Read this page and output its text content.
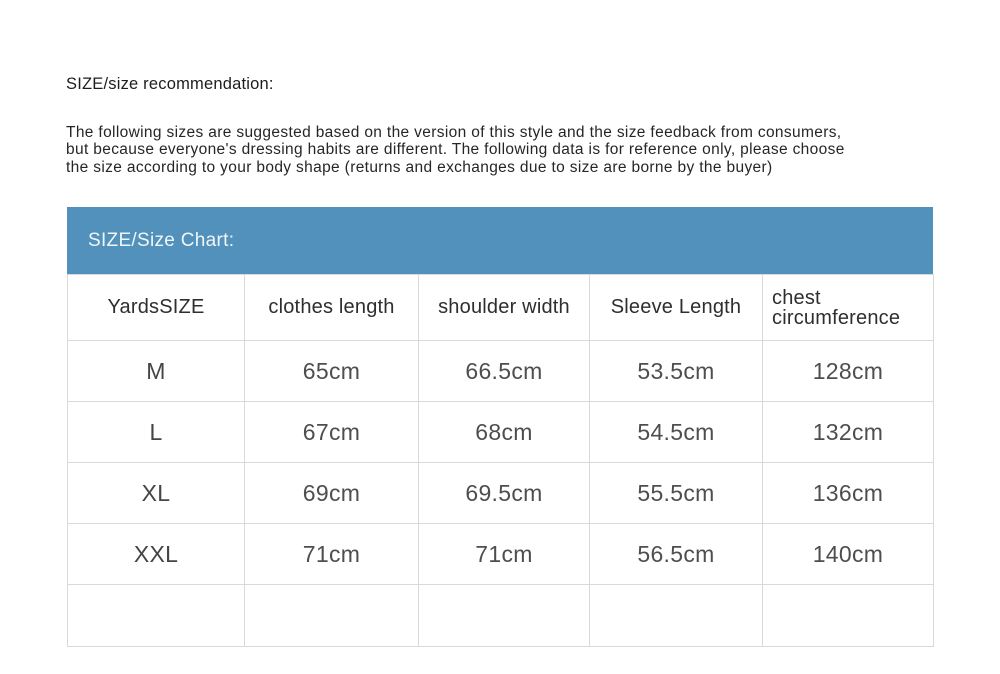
SIZE/size recommendation:

The following sizes are suggested based on the version of this style and the size feedback from consumers,
but because everyone's dressing habits are different. The following data is for reference only, please choose
the size according to your body shape (returns and exchanges due to size are borne by the buyer)

SIZE/Size Chart:
YardsSIZE	clothes length	shoulder width	Sleeve Length	chest circumference
M	65cm	66.5cm	53.5cm	128cm
L	67cm	68cm	54.5cm	132cm
XL	69cm	69.5cm	55.5cm	136cm
XXL	71cm	71cm	56.5cm	140cm
